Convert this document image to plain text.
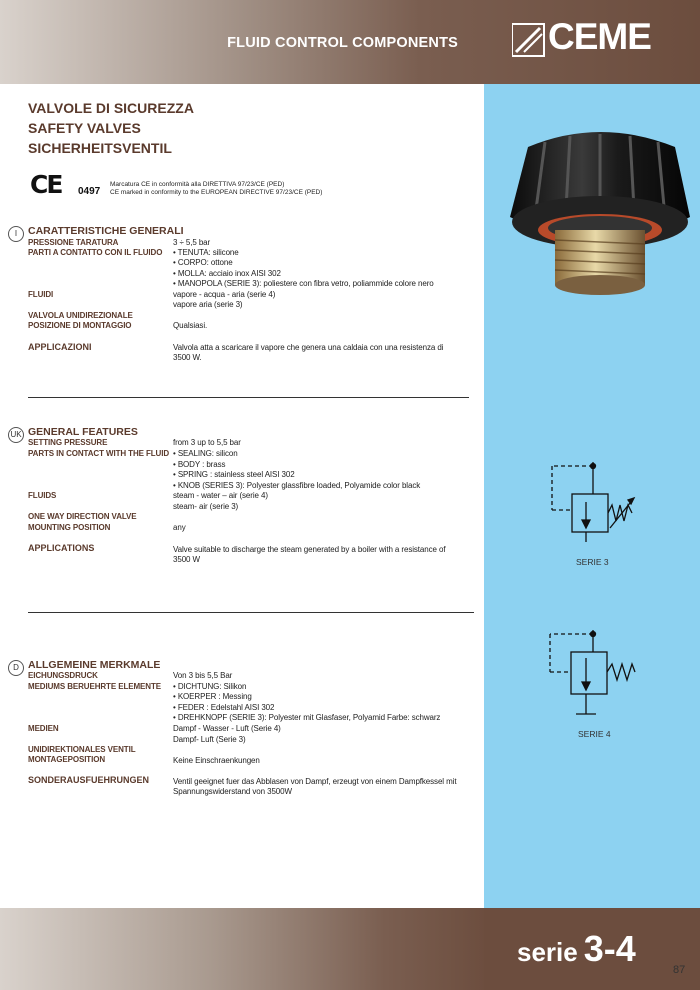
FLUID CONTROL COMPONENTS CEME
VALVOLE DI SICUREZZA
SAFETY VALVES
SICHERHEITSVENTIL
CE 0497
Marcatura CE in conformità alla DIRETTIVA 97/23/CE (PED)
CE marked in conformity to the EUROPEAN DIRECTIVE 97/23/CE (PED)
I	CARATTERISTICHE GENERALI
PRESSIONE TARATURA	3 ÷ 5,5 bar
PARTI A CONTATTO CON IL FLUIDO • TENUTA: silicone
• CORPO: ottone
• MOLLA: acciaio inox AISI 302
• MANOPOLA (SERIE 3): poliestere con fibra vetro, poliammide colore nero
FLUIDI	vapore - acqua - aria (serie 4)
vapore aria (serie 3)
VALVOLA UNIDIREZIONALE
POSIZIONE DI MONTAGGIO	Qualsiasi.
APPLICAZIONI	Valvola atta a scaricare il vapore che genera una caldaia con una resistenza di
3500 W.
UK GENERAL FEATURES
SETTING PRESSURE	from 3 up to 5,5 bar
PARTS IN CONTACT WITH THE FLUID • SEALING: silicon
• BODY : brass
• SPRING : stainless steel AISI 302
• KNOB (SERIES 3): Polyester glassfibre loaded, Polyamide color black
FLUIDS	steam - water – air (serie 4)
steam- air (serie 3)
ONE WAY DIRECTION VALVE
MOUNTING POSITION	any
APPLICATIONS	Valve suitable to discharge the steam generated by a boiler with a resistance of
3500 W
D ALLGEMEINE MERKMALE
EICHUNGSDRUCK	Von 3 bis 5,5 Bar
MEDIUMS BERUEHRTE ELEMENTE • DICHTUNG: Silikon
• KOERPER : Messing
• FEDER : Edelstahl AISI 302
• DREHKNOPF (SERIE 3): Polyester mit Glasfaser, Polyamid Farbe: schwarz
MEDIEN	Dampf - Wasser - Luft (Serie 4)
Dampf- Luft (Serie 3)
UNIDIREKTIONALES VENTIL
MONTAGEPOSITION	Keine Einschraenkungen
SONDERAUSFUEHRUNGEN	Ventil geeignet fuer das Abblasen von Dampf, erzeugt von einem Dampfkessel mit
Spannungswiderstand von 3500W
SERIE 3
SERIE 4
serie 3-4
87
